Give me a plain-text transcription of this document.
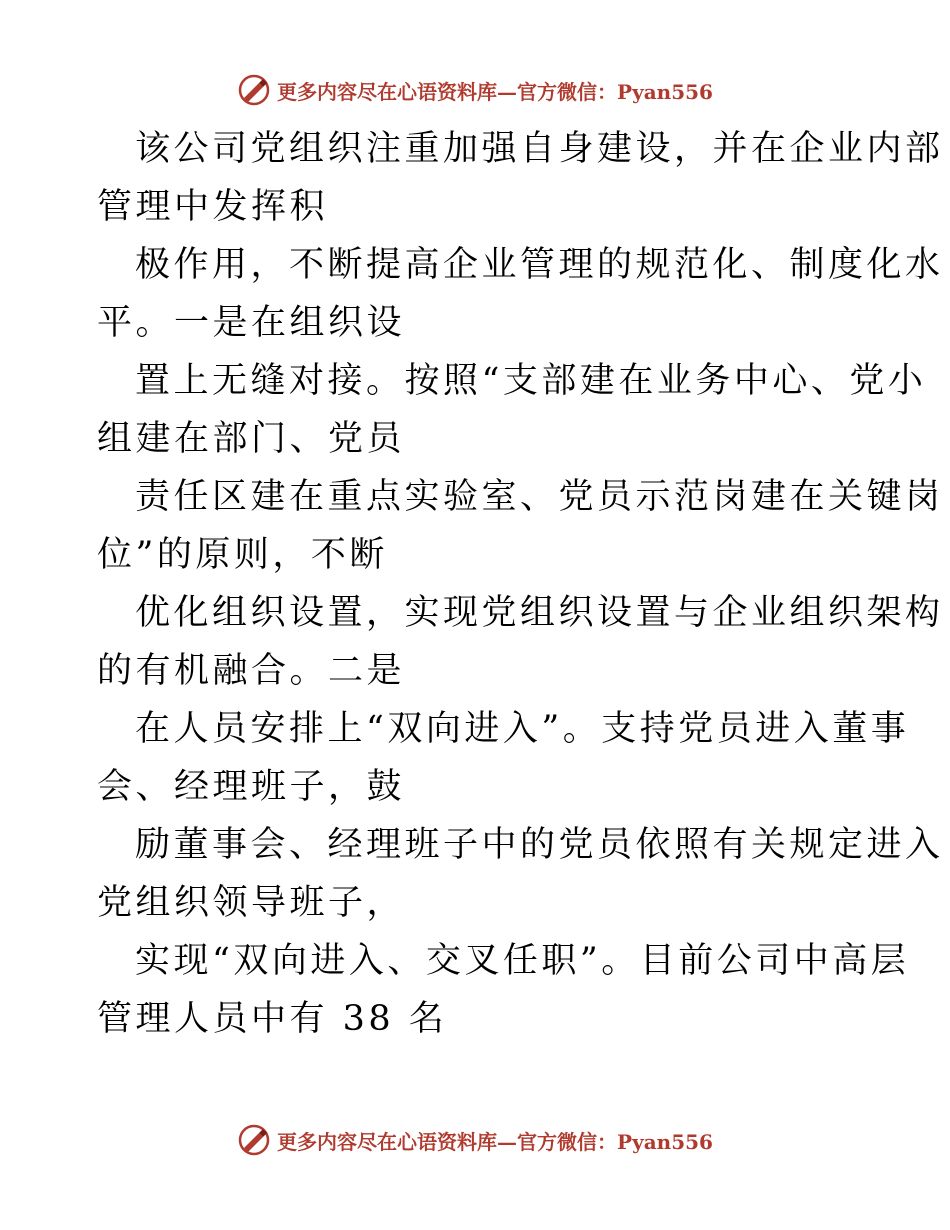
更多内容尽在心语资料库—官方微信：Pyan556
该公司党组织注重加强自身建设，并在企业内部
管理中发挥积
极作用，不断提高企业管理的规范化、制度化水
平。一是在组织设
置上无缝对接。按照“支部建在业务中心、党小
组建在部门、党员
责任区建在重点实验室、党员示范岗建在关键岗
位”的原则，不断
优化组织设置，实现党组织设置与企业组织架构
的有机融合。二是
在人员安排上“双向进入”。支持党员进入董事
会、经理班子，鼓
励董事会、经理班子中的党员依照有关规定进入
党组织领导班子，
实现“双向进入、交叉任职”。目前公司中高层
管理人员中有 38 名
更多内容尽在心语资料库—官方微信：Pyan556
